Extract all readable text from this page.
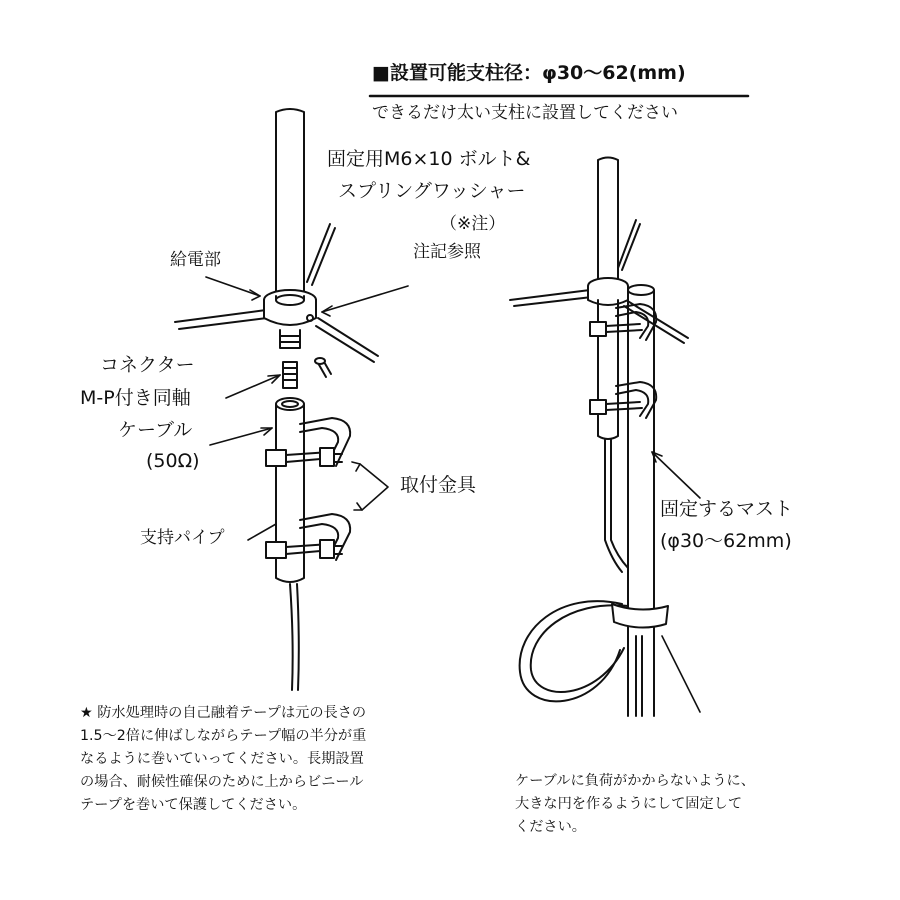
■設置可能支柱径：φ30～62(mm)
できるだけ太い支柱に設置してください
固定用M6×10 ボルト&
スプリングワッシャー
（※注）
注記参照
給電部
コネクター
M-P付き同軸
ケーブル
(50Ω)
取付金具
支持パイプ
固定するマスト
(φ30～62mm)
★ 防水処理時の自己融着テープは元の長さの
1.5～2倍に伸ばしながらテープ幅の半分が重
なるように巻いていってください。長期設置
の場合、耐候性確保のために上からビニール
テープを巻いて保護してください。
ケーブルに負荷がかからないように、
大きな円を作るようにして固定して
ください。
